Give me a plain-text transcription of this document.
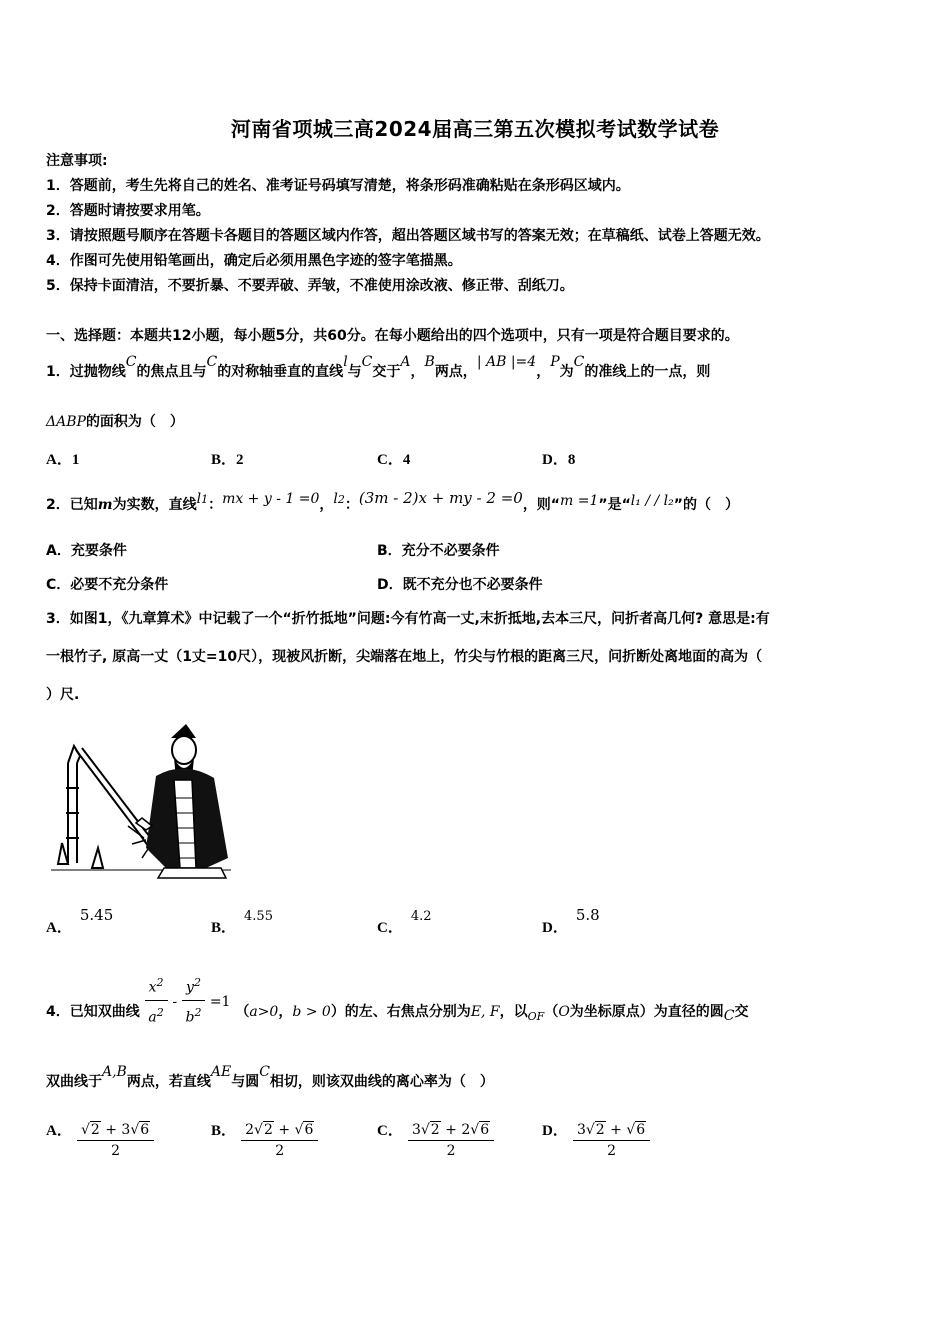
河南省项城三高2024届高三第五次模拟考试数学试卷
注意事项:
1．答题前，考生先将自己的姓名、准考证号码填写清楚，将条形码准确粘贴在条形码区域内。
2．答题时请按要求用笔。
3．请按照题号顺序在答题卡各题目的答题区域内作答，超出答题区域书写的答案无效；在草稿纸、试卷上答题无效。
4．作图可先使用铅笔画出，确定后必须用黑色字迹的签字笔描黑。
5．保持卡面清洁，不要折暴、不要弄破、弄皱，不准使用涂改液、修正带、刮纸刀。
一、选择题：本题共12小题，每小题5分，共60分。在每小题给出的四个选项中，只有一项是符合题目要求的。
1．过抛物线C的焦点且与C的对称轴垂直的直线l与C交于A，B两点，| AB |=4，P为C的准线上的一点，则
ΔABP的面积为（　）
A．1	B．2	C．4	D．8
2．已知m为实数，直线l1：mx + y - 1 =0，l2：(3m - 2)x + my - 2 =0，则“m =1”是“l₁ / / l₂”的（　）
A．充要条件	B．充分不必要条件
C．必要不充分条件	D．既不充分也不必要条件
3．如图1，《九章算术》中记载了一个“折竹抵地”问题:今有竹高一丈,末折抵地,去本三尺，问折者高几何? 意思是:有
一根竹子, 原高一丈（1丈=10尺），现被风折断，尖端落在地上，竹尖与竹根的距离三尺，问折断处离地面的高为（
）尺.
A．5.45
B．4.55
C．4.2
D．5.8
4．已知双曲线 $\frac{x^2}{a^2} - \frac{y^2}{b^2} =1$ （a>0，b > 0）的左、右焦点分别为E, F，以$_{OF}$（O为坐标原点）为直径的圆C交
双曲线于A,B两点，若直线AE与圆C相切，则该双曲线的离心率为（　）
A． $\frac{√2 + 3√6}{2}$	B． $\frac{2√2 + √6}{2}$	C． $\frac{3√2 + 2√6}{2}$	D． $\frac{3√2 + √6}{2}$
